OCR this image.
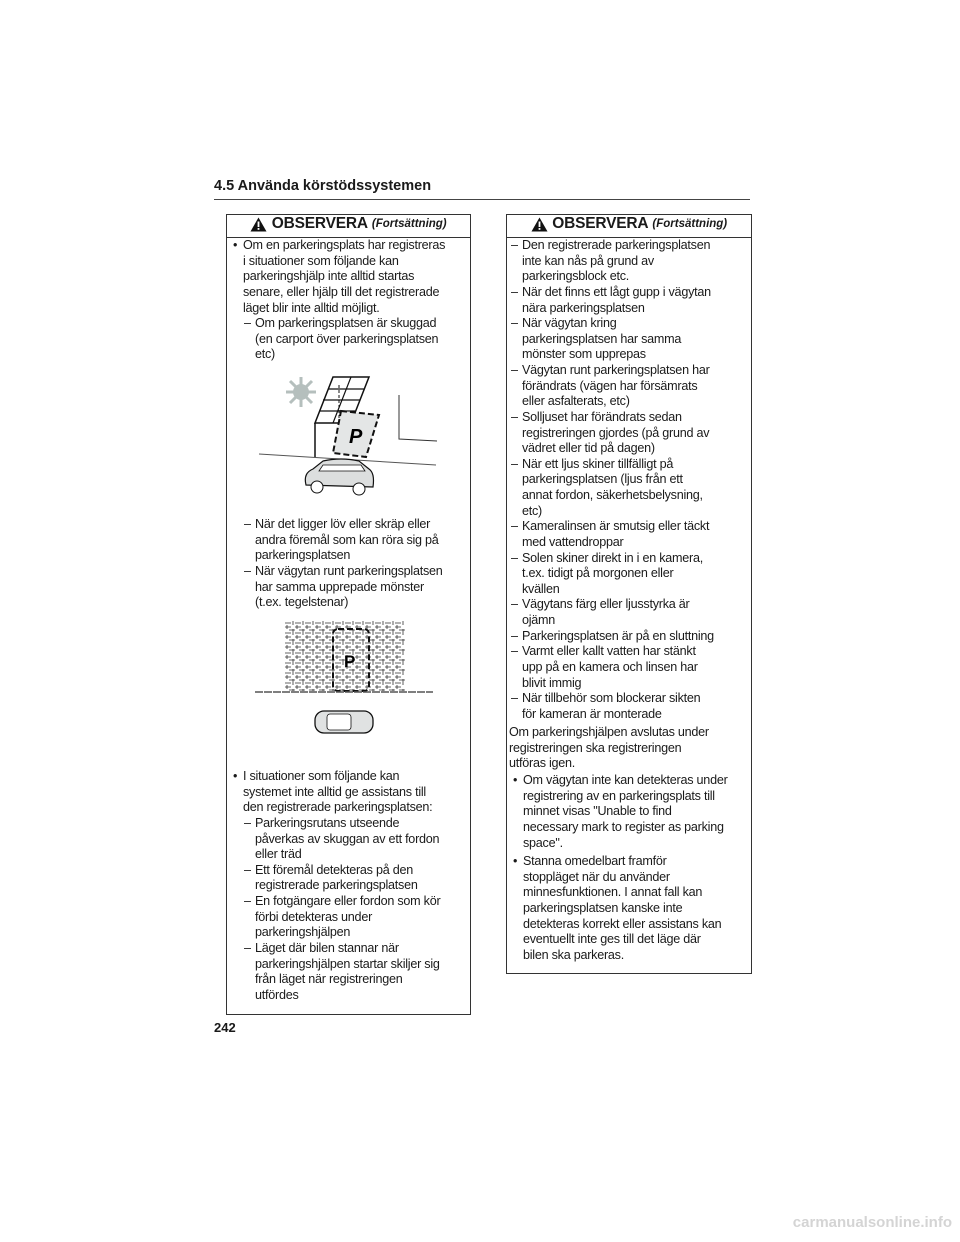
4.5 Använda körstödssystemen
OBSERVERA (Fortsättning)
• Om en parkeringsplats har registreras
i situationer som följande kan
parkeringshjälp inte alltid startas
senare, eller hjälp till det registrerade
läget blir inte alltid möjligt.
– Om parkeringsplatsen är skuggad
(en carport över parkeringsplatsen
etc)
P
– När det ligger löv eller skräp eller
andra föremål som kan röra sig på
parkeringsplatsen
– När vägytan runt parkeringsplatsen
har samma upprepade mönster
(t.ex. tegelstenar)
P
• I situationer som följande kan
systemet inte alltid ge assistans till
den registrerade parkeringsplatsen:
– Parkeringsrutans utseende
påverkas av skuggan av ett fordon
eller träd
– Ett föremål detekteras på den
registrerade parkeringsplatsen
– En fotgängare eller fordon som kör
förbi detekteras under
parkeringshjälpen
– Läget där bilen stannar när
parkeringshjälpen startar skiljer sig
från läget när registreringen
utfördes
OBSERVERA (Fortsättning)
– Den registrerade parkeringsplatsen
inte kan nås på grund av
parkeringsblock etc.
– När det finns ett lågt gupp i vägytan
nära parkeringsplatsen
– När vägytan kring
parkeringsplatsen har samma
mönster som upprepas
– Vägytan runt parkeringsplatsen har
förändrats (vägen har försämrats
eller asfalterats, etc)
– Solljuset har förändrats sedan
registreringen gjordes (på grund av
vädret eller tid på dagen)
– När ett ljus skiner tillfälligt på
parkeringsplatsen (ljus från ett
annat fordon, säkerhetsbelysning,
etc)
– Kameralinsen är smutsig eller täckt
med vattendroppar
– Solen skiner direkt in i en kamera,
t.ex. tidigt på morgonen eller
kvällen
– Vägytans färg eller ljusstyrka är
ojämn
– Parkeringsplatsen är på en sluttning
– Varmt eller kallt vatten har stänkt
upp på en kamera och linsen har
blivit immig
– När tillbehör som blockerar sikten
för kameran är monterade
Om parkeringshjälpen avslutas under
registreringen ska registreringen
utföras igen.
• Om vägytan inte kan detekteras under
registrering av en parkeringsplats till
minnet visas "Unable to find
necessary mark to register as parking
space".
• Stanna omedelbart framför
stoppläget när du använder
minnesfunktionen. I annat fall kan
parkeringsplatsen kanske inte
detekteras korrekt eller assistans kan
eventuellt inte ges till det läge där
bilen ska parkeras.
242
carmanualsonline.info
